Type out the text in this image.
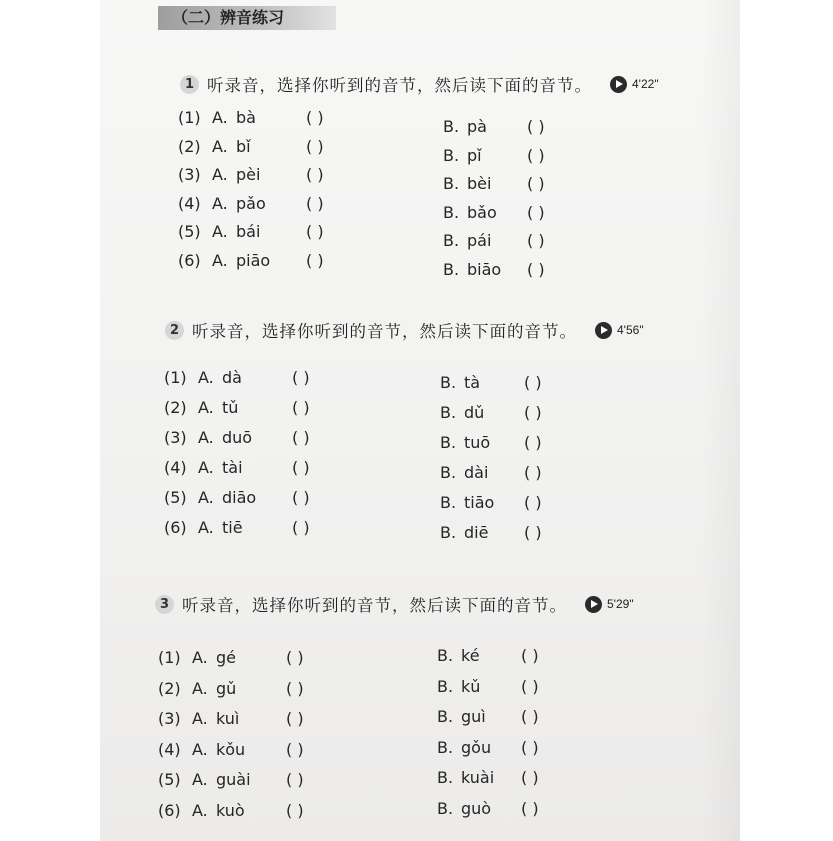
（二）辨音练习
1 听录音，选择你听到的音节，然后读下面的音节。	4'22"
(1) A. bà	( )	B. pà	( )
(2) A. bǐ	( )	B. pǐ	( )
(3) A. pèi	( )	B. bèi ( )
(4) A. pǎo	( )	B. bǎo ( )
(5) A. bái	( )	B. pái ( )
(6) A. piāo ( )	B. biāo ( )
2 听录音，选择你听到的音节，然后读下面的音节。	4'56"
(1) A. dà	( )	B. tà	( )
(2) A. tǔ	( )	B. dǔ ( )
(3) A. duō ( )	B. tuō ( )
(4) A. tài	( )	B. dài ( )
(5) A. diāo ( )	B. tiāo ( )
(6) A. tiē	( )	B. diē ( )
3 听录音，选择你听到的音节，然后读下面的音节。	5'29"
(1) A. gé	( )	B. ké	( )
(2) A. gǔ	( )	B. kǔ	( )
(3) A. kuì	( )	B. guì ( )
(4) A. kǒu	( )	B. gǒu ( )
(5) A. guài ( )	B. kuài ( )
(6) A. kuò	( )	B. guò ( )
